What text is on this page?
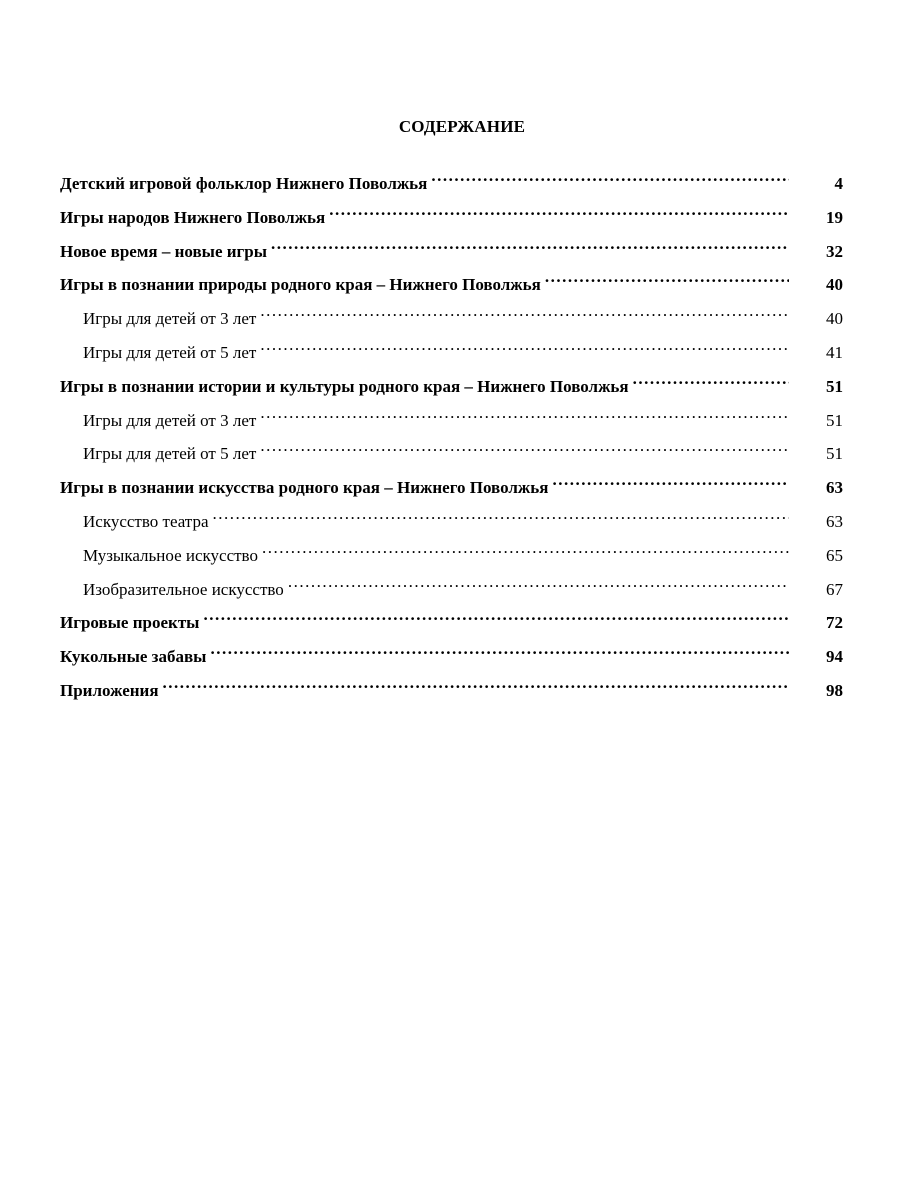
СОДЕРЖАНИЕ
Детский игровой фольклор Нижнего Поволжья .....	4
Игры народов Нижнего Поволжья .....	19
Новое время – новые игры .....	32
Игры в познании природы родного края – Нижнего Поволжья .....	40
Игры для детей от 3 лет .....	40
Игры для детей от 5 лет .....	41
Игры в познании истории и культуры родного края – Нижнего Поволжья .....	51
Игры для детей от 3 лет .....	51
Игры для детей от 5 лет .....	51
Игры в познании искусства родного края – Нижнего Поволжья .....	63
Искусство театра .....	63
Музыкальное искусство .....	65
Изобразительное искусство .....	67
Игровые проекты .....	72
Кукольные забавы .....	94
Приложения .....	98
